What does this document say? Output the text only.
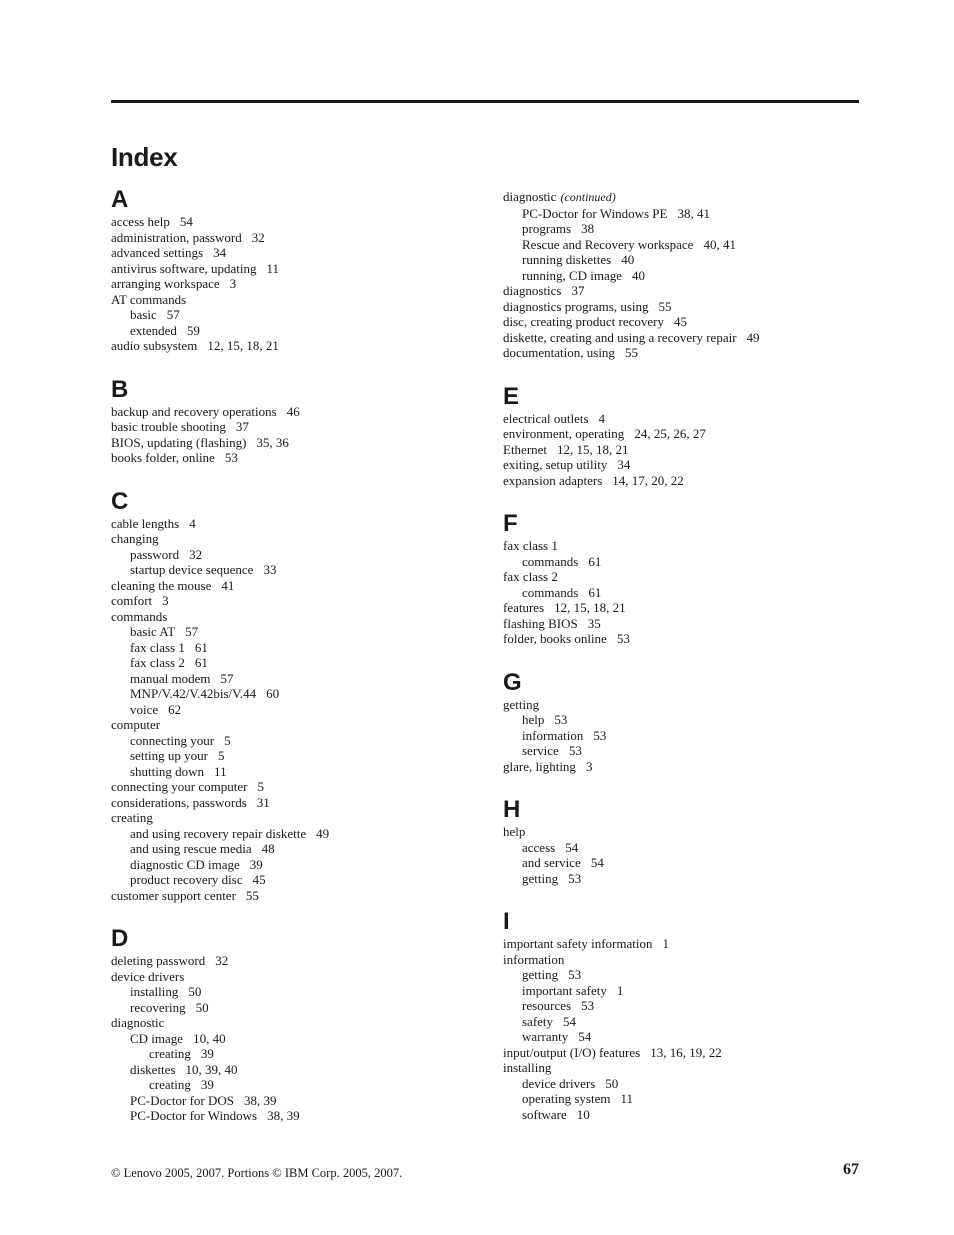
Index
A
access help 54
administration, password 32
advanced settings 34
antivirus software, updating 11
arranging workspace 3
AT commands
basic 57
extended 59
audio subsystem 12, 15, 18, 21
B
backup and recovery operations 46
basic trouble shooting 37
BIOS, updating (flashing) 35, 36
books folder, online 53
C
cable lengths 4
changing
password 32
startup device sequence 33
cleaning the mouse 41
comfort 3
commands
basic AT 57
fax class 1 61
fax class 2 61
manual modem 57
MNP/V.42/V.42bis/V.44 60
voice 62
computer
connecting your 5
setting up your 5
shutting down 11
connecting your computer 5
considerations, passwords 31
creating
and using recovery repair diskette 49
and using rescue media 48
diagnostic CD image 39
product recovery disc 45
customer support center 55
D
deleting password 32
device drivers
installing 50
recovering 50
diagnostic
CD image 10, 40
creating 39
diskettes 10, 39, 40
creating 39
PC-Doctor for DOS 38, 39
PC-Doctor for Windows 38, 39
diagnostic (continued)
PC-Doctor for Windows PE 38, 41
programs 38
Rescue and Recovery workspace 40, 41
running diskettes 40
running, CD image 40
diagnostics 37
diagnostics programs, using 55
disc, creating product recovery 45
diskette, creating and using a recovery repair 49
documentation, using 55
E
electrical outlets 4
environment, operating 24, 25, 26, 27
Ethernet 12, 15, 18, 21
exiting, setup utility 34
expansion adapters 14, 17, 20, 22
F
fax class 1
commands 61
fax class 2
commands 61
features 12, 15, 18, 21
flashing BIOS 35
folder, books online 53
G
getting
help 53
information 53
service 53
glare, lighting 3
H
help
access 54
and service 54
getting 53
I
important safety information 1
information
getting 53
important safety 1
resources 53
safety 54
warranty 54
input/output (I/O) features 13, 16, 19, 22
installing
device drivers 50
operating system 11
software 10
© Lenovo 2005, 2007. Portions © IBM Corp. 2005, 2007.	67
